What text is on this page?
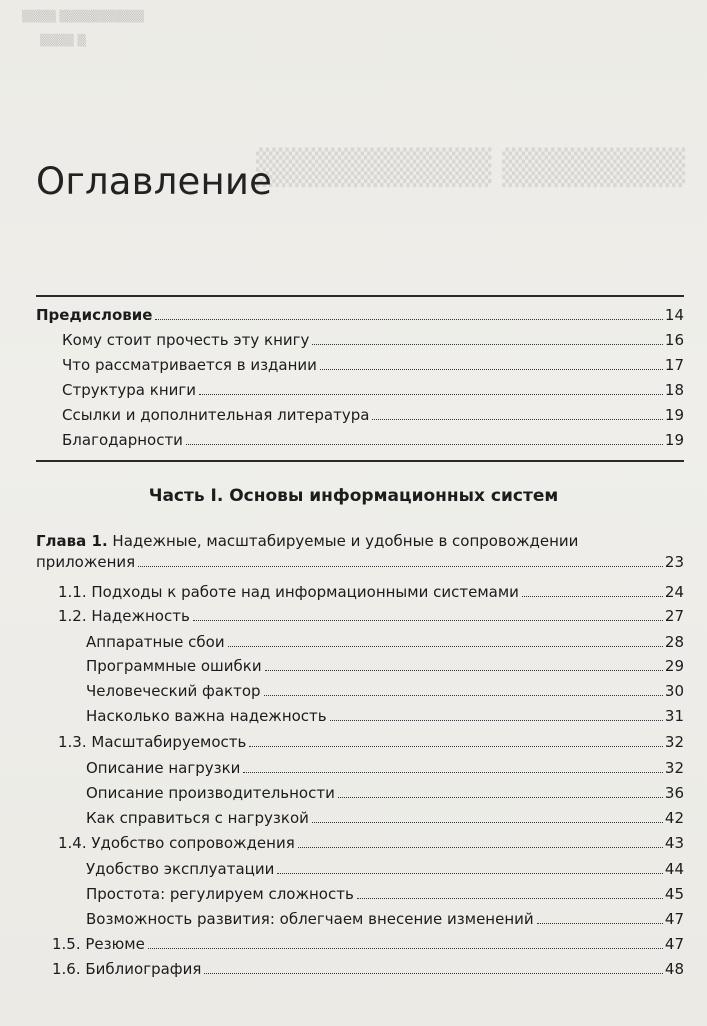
▒▒▒▒ ▒▒▒▒▒▒▒▒▒▒
▒▒▒▒ ▒
▒▒▒▒▒▒▒ ▒▒▒▒▒▒▒▒▒
Оглавление
Предисловие	14
Кому стоит прочесть эту книгу	16
Что рассматривается в издании	17
Структура книги	18
Ссылки и дополнительная литература	19
Благодарности	19
Часть I. Основы информационных систем
Глава 1. Надежные, масштабируемые и удобные в сопровождении
приложения	23
1.1. Подходы к работе над информационными системами	24
1.2. Надежность	27
Аппаратные сбои	28
Программные ошибки	29
Человеческий фактор	30
Насколько важна надежность	31
1.3. Масштабируемость	32
Описание нагрузки	32
Описание производительности	36
Как справиться с нагрузкой	42
1.4. Удобство сопровождения	43
Удобство эксплуатации	44
Простота: регулируем сложность	45
Возможность развития: облегчаем внесение изменений	47
1.5. Резюме	47
1.6. Библиография	48
